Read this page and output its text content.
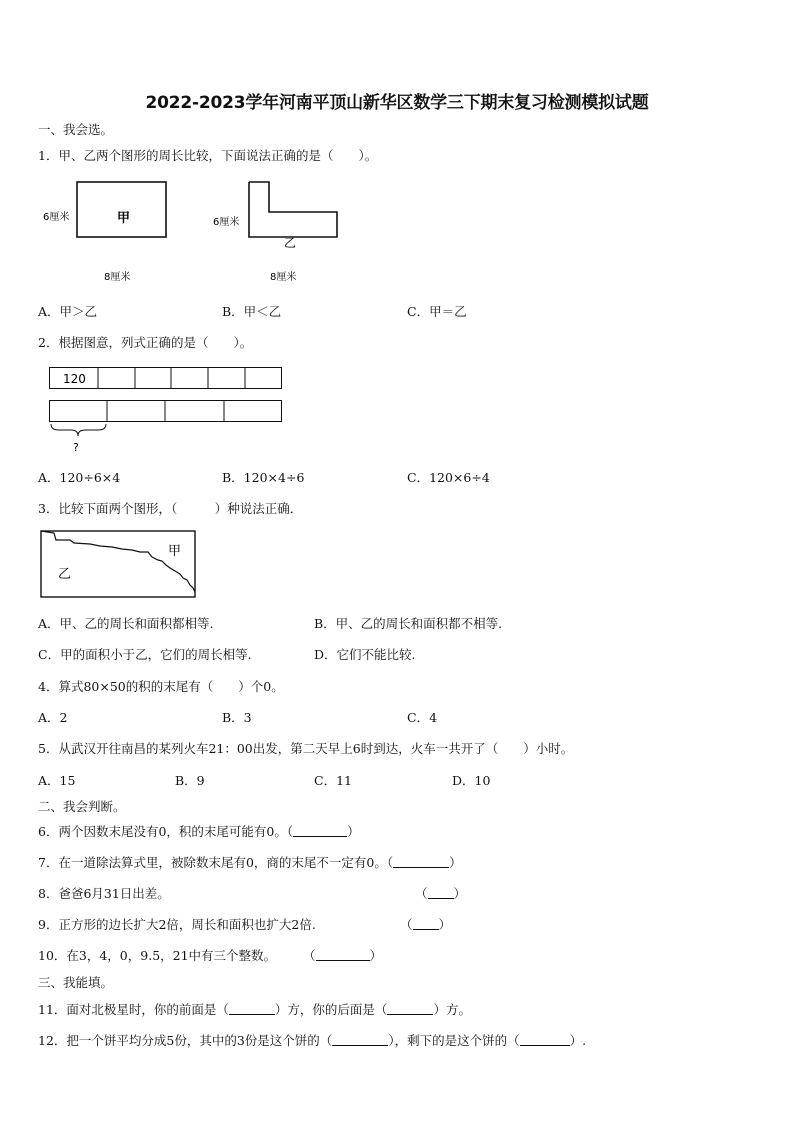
2022-2023学年河南平顶山新华区数学三下期末复习检测模拟试题
一、我会选。
1．甲、乙两个图形的周长比较，下面说法正确的是（　　）。
甲
6厘米
8厘米
6厘米
乙
8厘米
A．甲＞乙	B．甲＜乙	C．甲＝乙
2．根据图意，列式正确的是（　　）。
120
?
A．120÷6×4	B．120×4÷6	C．120×6÷4
3．比较下面两个图形，（　　　）种说法正确．
甲
乙
A．甲、乙的周长和面积都相等.	B．甲、乙的周长和面积都不相等.
C．甲的面积小于乙，它们的周长相等.	D．它们不能比较.
4．算式80×50的积的末尾有（　　）个0。
A．2	B．3	C．4
5．从武汉开往南昌的某列火车21：00出发，第二天早上6时到达，火车一共开了（　　）小时。
A．15	B．9	C．11	D．10
二、我会判断。
6．两个因数末尾没有0，积的末尾可能有0。（	）
7．在一道除法算式里，被除数末尾有0，商的末尾不一定有0。（	）
8．爸爸6月31日出差。	（ ）
9．正方形的边长扩大2倍，周长和面积也扩大2倍.	（ ）
10．在3，4，0，9.5，21中有三个整数。 （	）
三、我能填。
11．面对北极星时，你的前面是（	）方，你的后面是（	）方。
12．把一个饼平均分成5份，其中的3份是这个饼的（	），剩下的是这个饼的（	）.
